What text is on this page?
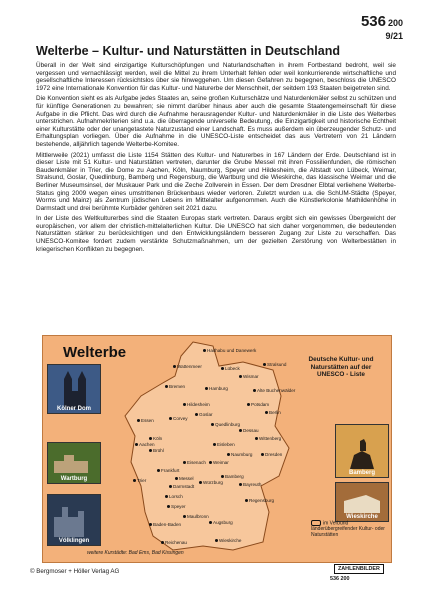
536 200
9/21
Welterbe – Kultur- und Naturstätten in Deutschland

Überall in der Welt sind einzigartige Kulturschöpfungen und Naturlandschaften in ihrem Fortbestand bedroht, weil sie vergessen und vernachlässigt werden, weil die Mittel zu ihrem Unterhalt fehlen oder weil konkurrierende wirtschaftliche und gesellschaftliche Interessen rücksichtslos über sie hinweggehen. Um diesen Gefahren zu begegnen, beschloss die UNESCO 1972 eine Internationale Konvention für das Kultur- und Naturerbe der Menschheit, der seitdem 193 Staaten beigetreten sind.

Die Konvention sieht es als Aufgabe jedes Staates an, seine großen Kulturschätze und Naturdenkmäler selbst zu schützen und für künftige Generationen zu bewahren; sie nimmt darüber hinaus aber auch die gesamte Staatengemeinschaft für diese Aufgabe in die Pflicht. Das wird durch die Aufnahme herausragender Kultur- und Naturdenkmäler in die Liste des Welterbes unterstrichen. Aufnahmekriterien sind u.a. die überragende universelle Bedeutung, die Einzigartigkeit und historische Echtheit einer Kulturstätte oder der unangetastete Naturzustand einer Landschaft. Es muss außerdem ein überzeugender Schutz- und Erhaltungsplan vorliegen. Über die Aufnahme in die UNESCO-Liste entscheidet das aus Vertretern von 21 Ländern bestehende, alljährlich tagende Welterbe-Komitee.

Mittlerweile (2021) umfasst die Liste 1154 Stätten des Kultur- und Naturerbes in 167 Ländern der Erde. Deutschland ist in dieser Liste mit 51 Kultur- und Naturstätten vertreten, darunter die Grube Messel mit ihren Fossilienfunden, die römischen Baudenkmäler in Trier, die Dome zu Aachen, Köln, Naumburg, Speyer und Hildesheim, die Altstadt von Lübeck, Weimar, Stralsund, Goslar, Quedlinburg, Bamberg und Regensburg, die Wartburg und die Wieskirche, das klassische Weimar und die Berliner Museumsinsel, der Muskauer Park und die Zeche Zollverein in Essen. Der dem Dresdner Elbtal verliehene Welterbe-Status ging 2009 wegen eines umstrittenen Brückenbaus wieder verloren. Zuletzt wurden u.a. die SchUM-Städte (Speyer, Worms und Mainz) als Zentrum jüdischen Lebens im Mittelalter aufgenommen. Auch die Künstlerkolonie Mathildenhöhe in Darmstadt und drei berühmte Kurbäder gehören seit 2021 dazu.

In der Liste des Weltkulturerbes sind die Staaten Europas stark vertreten. Daraus ergibt sich ein gewisses Übergewicht der europäischen, vor allem der christlich-mittelalterlichen Kultur. Die UNESCO hat sich daher vorgenommen, die bedeutenden Naturstätten stärker zu berücksichtigen und den Entwicklungsländern besseren Zugang zur Liste zu verschaffen. Das UNESCO-Komitee fordert zudem verstärkte Schutzmaßnahmen, um der gezielten Zerstörung von Welterbestätten in kriegerischen Konflikten zu begegnen.

Welterbe	Deutsche Kultur- und Naturstätten auf der UNESCO - Liste
Kölner Dom
Wartburg
Völklingen
Bamberg
Wieskirche
Haithabu und Danewerk
Wattenmeer	Lübeck
Wismar
Stralsund
Bremen	Hamburg	Alte Buchenwälder
Hildesheim
Goslar
Potsdam
Berlin
Quedlinburg
Dessau
Wittenberg
Eisleben
Naumburg
Essen	Corvey
Aachen
Köln
Brühl
Weimar
Eisenach
Dresden
Trier
Darmstadt
Lorsch
Messel
Frankfurt
Würzburg
Bamberg
Bayreuth
Regensburg
Speyer
Maulbronn
Baden-Baden	Augsburg
Reichenau	Wieskirche
im Verbund länderübergreifender Kultur- oder Naturstätten
weitere Kurstädte: Bad Ems, Bad Kissingen
© Bergmoser + Höller Verlag AG	ZAHLENBILDER
536 200
